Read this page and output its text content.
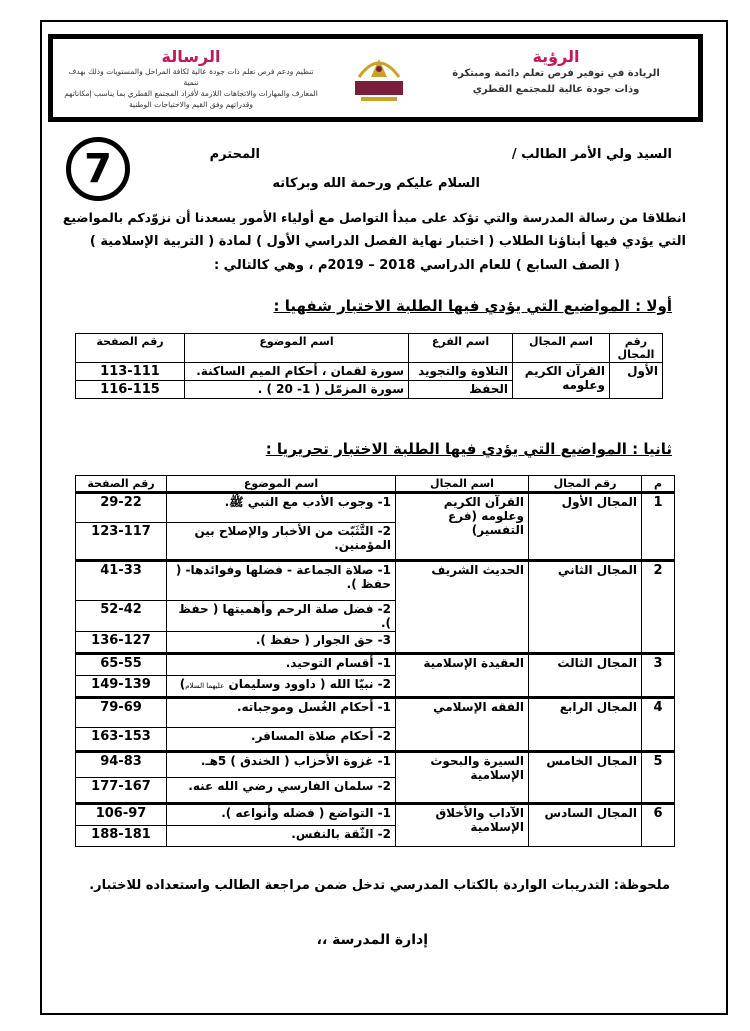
الرؤية
الريادة في توفير فرص تعلم دائمة ومبتكرة
وذات جودة عالية للمجتمع القطري
الرسالة
تنظيم ودعم فرص تعلم ذات جودة عالية لكافة المراحل والمستويات وذلك بهدف تنمية
المعارف والمهارات والاتجاهات اللازمة لأفراد المجتمع القطري بما يناسب إمكاناتهم
وقدراتهم وفق القيم والاحتياجات الوطنية
7	السيد ولي الأمر الطالب /
المحترم
السلام عليكم ورحمة الله وبركاته
انطلاقا من رسالة المدرسة والتي تؤكد على مبدأ التواصل مع أولياء الأمور يسعدنا أن نزوّدكم بالمواضيع
التي يؤدي فيها أبناؤنا الطلاب ( اختبار نهاية الفصل الدراسي الأول ) لمادة ( التربية الإسلامية )
( الصف السابع ) للعام الدراسي 2018 – 2019م ، وهي كالتالي :
أولا : المواضيع التي يؤدي فيها الطلبة الاختبار شفهيا :
رقم المجال	اسم المجال	اسم الفرع	اسم الموضوع	رقم الصفحة
الأول	القرآن الكريم وعلومه	التلاوة والتجويد	سورة لقمان ، أحكام الميم الساكنة.	113-111
		الحفظ	سورة المزمّل ( 1- 20 ) .	116-115
ثانيا : المواضيع التي يؤدي فيها الطلبة الاختبار تحريريا :
م	رقم المجال	اسم المجال	اسم الموضوع	رقم الصفحة
1	المجال الأول	القرآن الكريم وعلومه (فرع التفسير)	1- وجوب الأدب مع النبي ﷺ.	29-22
			2- التَّثَبّت من الأخبار والإصلاح بين المؤمنين.	123-117
2	المجال الثاني	الحديث الشريف	1- صلاة الجماعة - فضلها وفوائدها- ( حفظ ).	41-33
			2- فضل صلة الرحم وأهميتها ( حفظ ).	52-42
			3- حق الجوار ( حفظ ).	136-127
3	المجال الثالث	العقيدة الإسلامية	1- أقسام التوحيد.	65-55
			2- نبيّا الله ( داوود وسليمان عليهما السلام)	149-139
4	المجال الرابع	الفقه الإسلامي	1- أحكام الغُسل وموجباته.	79-69
			2- أحكام صلاة المسافر.	163-153
5	المجال الخامس	السيرة والبحوث الإسلامية	1- غزوة الأحزاب ( الخندق ) 5هـ.	94-83
			2- سلمان الفارسي رضي الله عنه.	177-167
6	المجال السادس	الآداب والأخلاق الإسلامية	1- التواضع ( فضله وأنواعه ).	106-97
			2- الثّقة بالنفس.	188-181
ملحوظة: التدريبات الواردة بالكتاب المدرسي تدخل ضمن مراجعة الطالب واستعداده للاختبار.
إدارة المدرسة ،،
